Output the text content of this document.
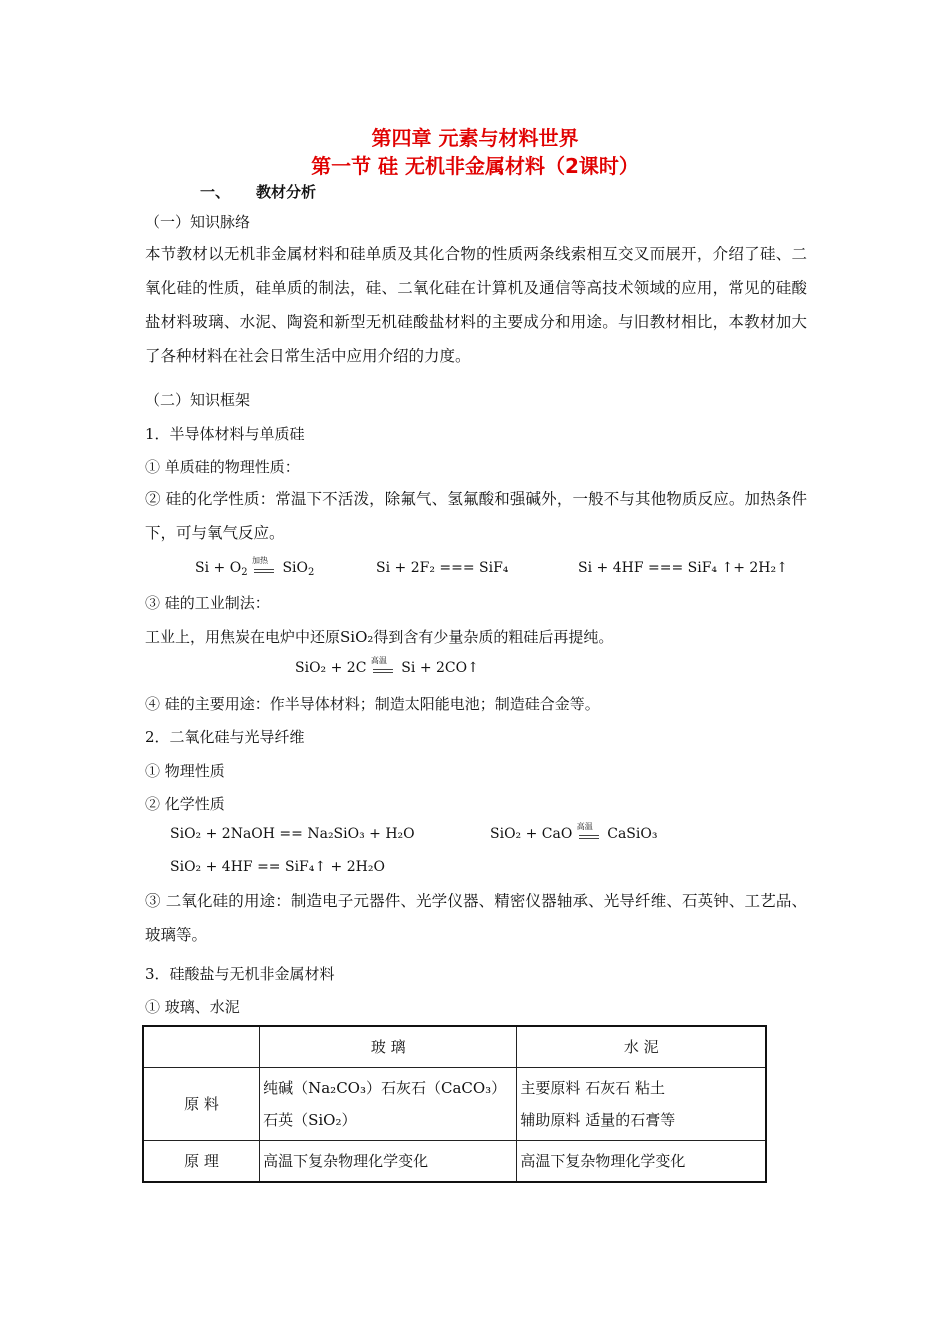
第四章 元素与材料世界
第一节 硅 无机非金属材料（2课时）
一、 教材分析
（一）知识脉络
本节教材以无机非金属材料和硅单质及其化合物的性质两条线索相互交叉而展开，介绍了硅、二氧化硅的性质，硅单质的制法，硅、二氧化硅在计算机及通信等高技术领域的应用，常见的硅酸盐材料玻璃、水泥、陶瓷和新型无机硅酸盐材料的主要成分和用途。与旧教材相比，本教材加大了各种材料在社会日常生活中应用介绍的力度。
（二）知识框架
1．半导体材料与单质硅
① 单质硅的物理性质：
② 硅的化学性质：常温下不活泼，除氟气、氢氟酸和强碱外，一般不与其他物质反应。加热条件下，可与氧气反应。
$Si + O_2$
加热 SiO$_2$	Si + 2F₂ === SiF₄	Si + 4HF === SiF₄ ↑+ 2H₂↑
③ 硅的工业制法：
工业上，用焦炭在电炉中还原SiO₂得到含有少量杂质的粗硅后再提纯。
SiO₂ + 2C 高温 Si + 2CO↑
④ 硅的主要用途：作半导体材料；制造太阳能电池；制造硅合金等。
2．二氧化硅与光导纤维
① 物理性质
② 化学性质
SiO₂ + 2NaOH == Na₂SiO₃ + H₂O	SiO₂ + CaO 高温 CaSiO₃
SiO₂ + 4HF == SiF₄↑ + 2H₂O
③ 二氧化硅的用途：制造电子元器件、光学仪器、精密仪器轴承、光导纤维、石英钟、工艺品、玻璃等。
3．硅酸盐与无机非金属材料
① 玻璃、水泥
	玻 璃	水 泥
原 料	纯碱（Na₂CO₃）石灰石（CaCO₃）石英（SiO₂）	主要原料 石灰石 粘土
辅助原料 适量的石膏等

原 理	高温下复杂物理化学变化	高温下复杂物理化学变化
